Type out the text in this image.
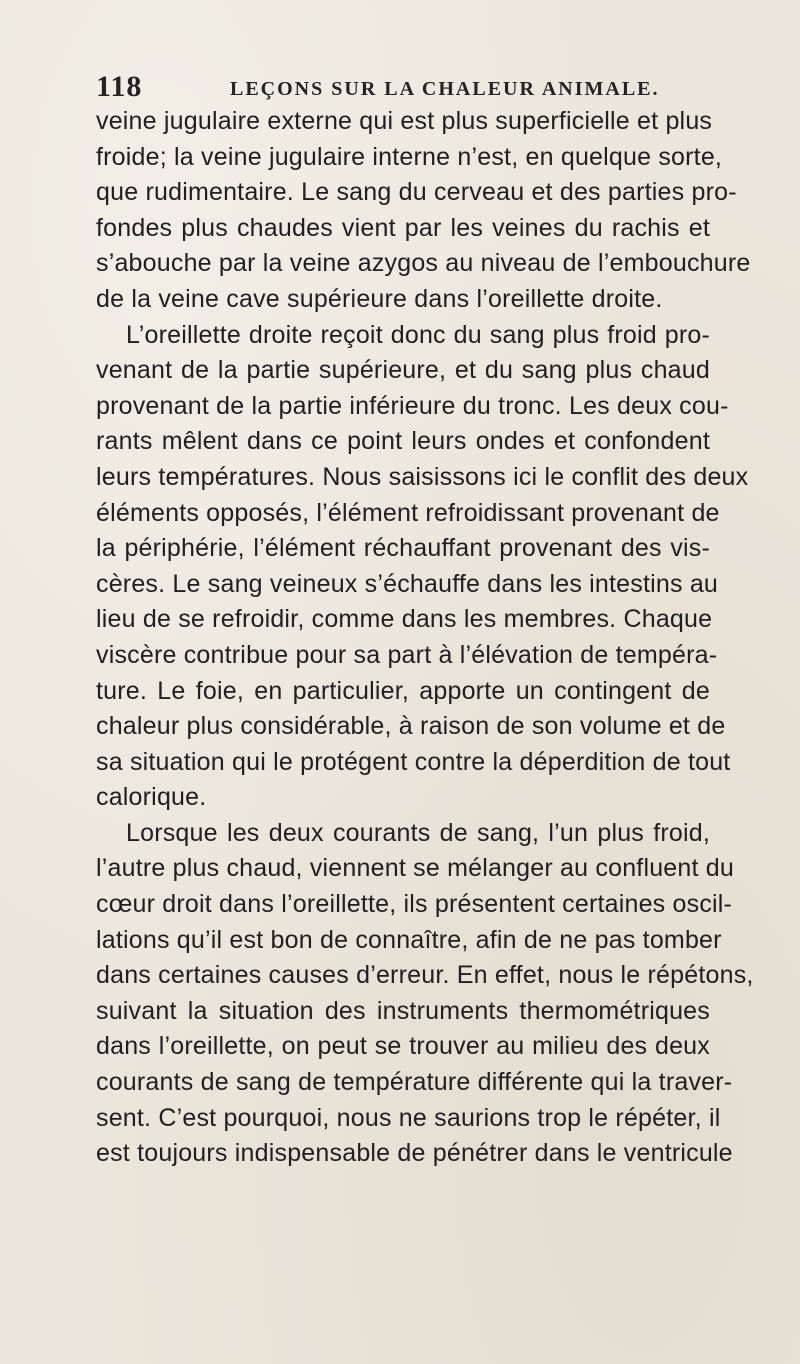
118	LEÇONS SUR LA CHALEUR ANIMALE.
veine jugulaire externe qui est plus superficielle et plus
froide; la veine jugulaire interne n’est, en quelque sorte,
que rudimentaire. Le sang du cerveau et des parties pro-
fondes plus chaudes vient par les veines du rachis et
s’abouche par la veine azygos au niveau de l’embouchure
de la veine cave supérieure dans l’oreillette droite.
L’oreillette droite reçoit donc du sang plus froid pro-
venant de la partie supérieure, et du sang plus chaud
provenant de la partie inférieure du tronc. Les deux cou-
rants mêlent dans ce point leurs ondes et confondent
leurs températures. Nous saisissons ici le conflit des deux
éléments opposés, l’élément refroidissant provenant de
la périphérie, l’élément réchauffant provenant des vis-
cères. Le sang veineux s’échauffe dans les intestins au
lieu de se refroidir, comme dans les membres. Chaque
viscère contribue pour sa part à l’élévation de tempéra-
ture. Le foie, en particulier, apporte un contingent de
chaleur plus considérable, à raison de son volume et de
sa situation qui le protégent contre la déperdition de tout
calorique.
Lorsque les deux courants de sang, l’un plus froid,
l’autre plus chaud, viennent se mélanger au confluent du
cœur droit dans l’oreillette, ils présentent certaines oscil-
lations qu’il est bon de connaître, afin de ne pas tomber
dans certaines causes d’erreur. En effet, nous le répétons,
suivant la situation des instruments thermométriques
dans l’oreillette, on peut se trouver au milieu des deux
courants de sang de température différente qui la traver-
sent. C’est pourquoi, nous ne saurions trop le répéter, il
est toujours indispensable de pénétrer dans le ventricule
